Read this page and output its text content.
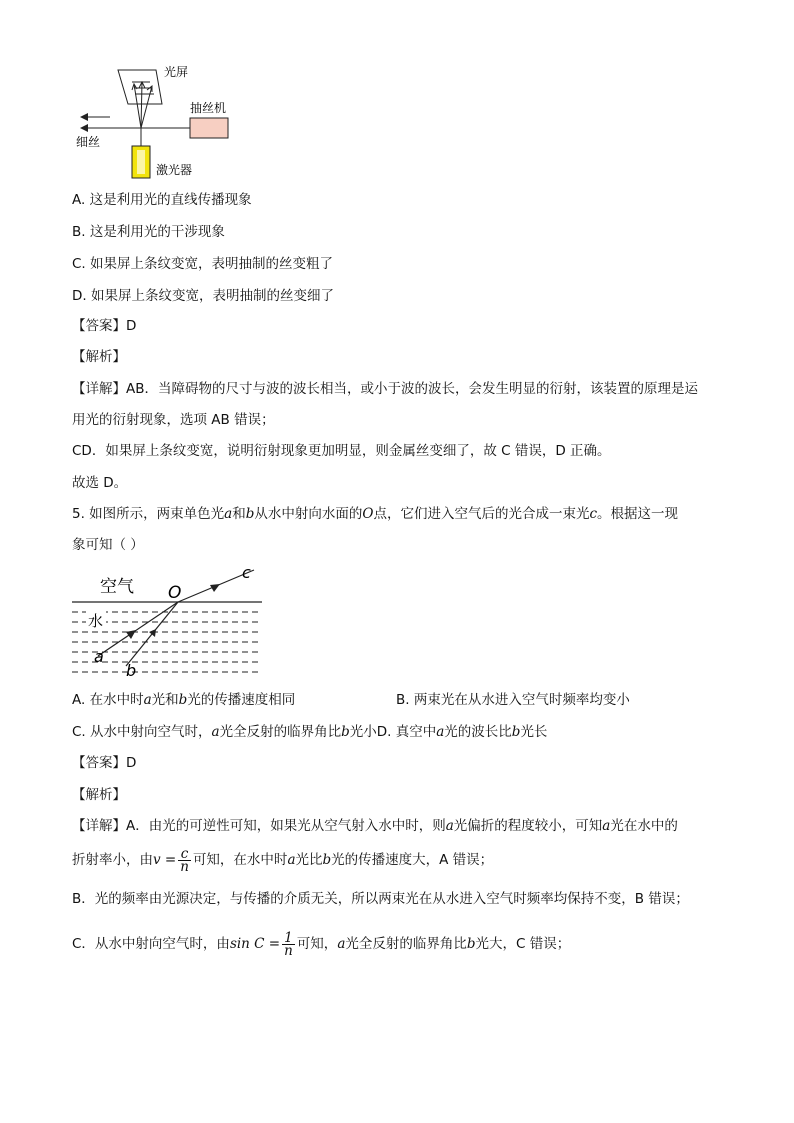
光屏
抽丝机
细丝
激光器
A. 这是利用光的直线传播现象
B. 这是利用光的干涉现象
C. 如果屏上条纹变宽，表明抽制的丝变粗了
D. 如果屏上条纹变宽，表明抽制的丝变细了
【答案】D
【解析】
【详解】AB．当障碍物的尺寸与波的波长相当，或小于波的波长，会发生明显的衍射，该装置的原理是运
用光的衍射现象，选项 AB 错误；
CD．如果屏上条纹变宽，说明衍射现象更加明显，则金属丝变细了，故 C 错误，D 正确。
故选 D。
5. 如图所示，两束单色光a和b从水中射向水面的O点，它们进入空气后的光合成一束光c。根据这一现
象可知（ ）
空气
水
O
a
b
c
A. 在水中时a光和b光的传播速度相同	B. 两束光在从水进入空气时频率均变小
C. 从水中射向空气时，a光全反射的临界角比b光小D. 真空中a光的波长比b光长
【答案】D
【解析】
【详解】A．由光的可逆性可知，如果光从空气射入水中时，则a光偏折的程度较小，可知a光在水中的
折射率小，由$v = \frac{c}{n}$ 可知，在水中时a光比b光的传播速度大，A 错误；
B．光的频率由光源决定，与传播的介质无关，所以两束光在从水进入空气时频率均保持不变，B 错误；
C．从水中射向空气时，由$\sin C = \frac{1}{n}$ 可知，a光全反射的临界角比b光大，C 错误；
